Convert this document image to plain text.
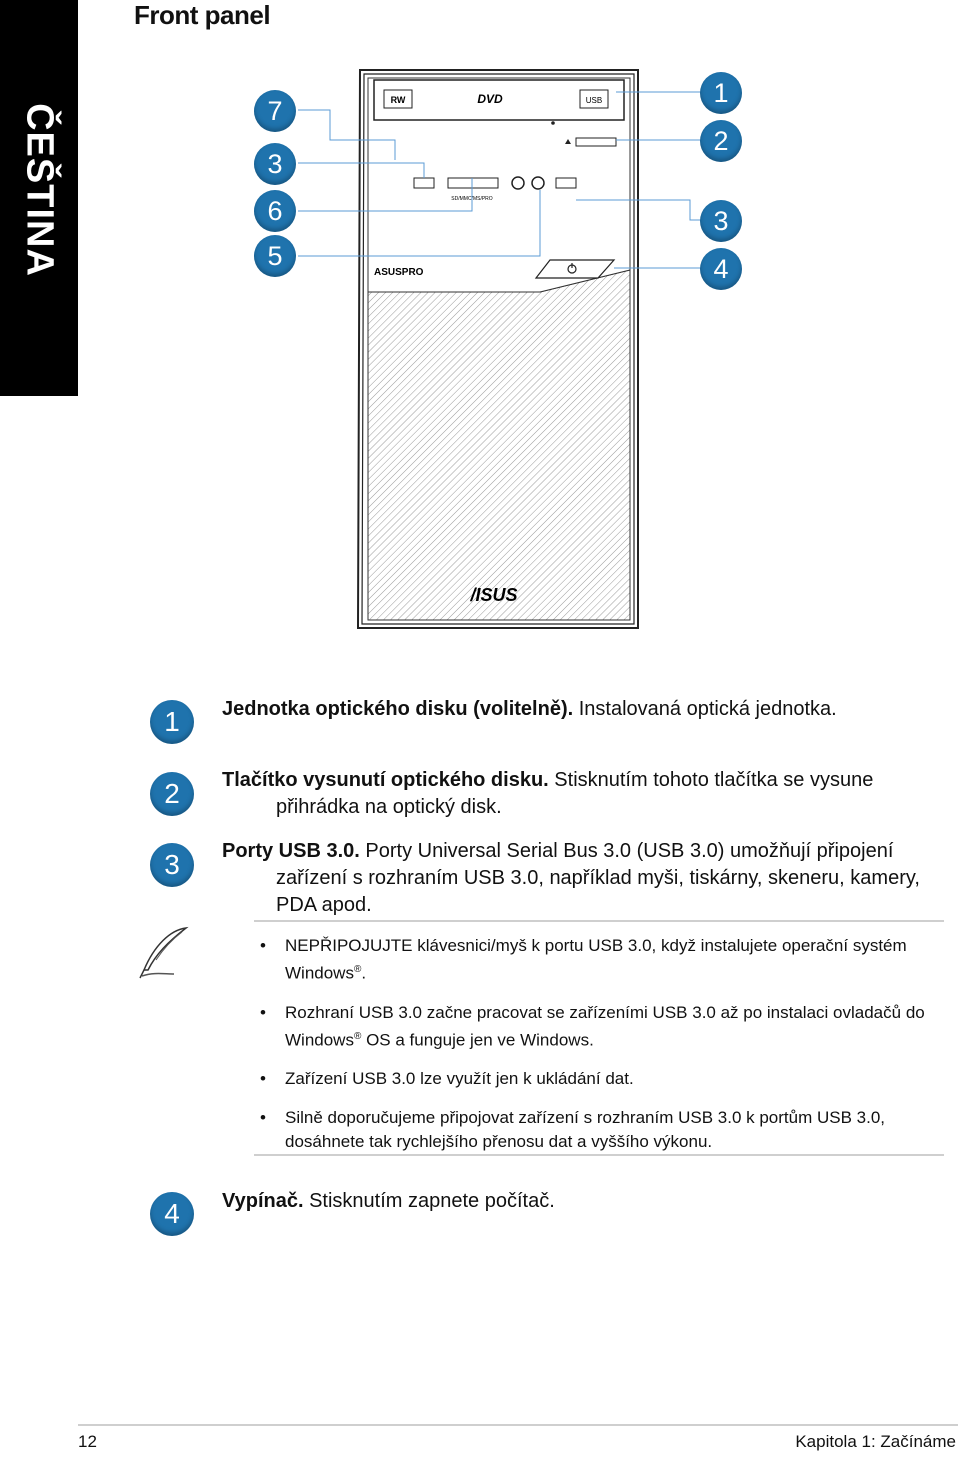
ČEŠTINA
Front panel
RW	DVD	USB
SD/MMC/MS/PRO
ASUSPRO
/ISUS
7
3
6
5
1
2
3
4
1
2
3
4
Jednotka optického disku (volitelně). Instalovaná optická jednotka.
Tlačítko vysunutí optického disku. Stisknutím tohoto tlačítka se vysune
přihrádka na optický disk.
Porty USB 3.0. Porty Universal Serial Bus 3.0 (USB 3.0) umožňují připojení
zařízení s rozhraním USB 3.0, například myši, tiskárny, skeneru, kamery, PDA apod.
• NEPŘIPOJUJTE klávesnici/myš k portu USB 3.0, když instalujete operační systém Windows®.
• Rozhraní USB 3.0 začne pracovat se zařízeními USB 3.0 až po instalaci ovladačů do Windows® OS a funguje jen ve Windows.
• Zařízení USB 3.0 lze využít jen k ukládání dat.
• Silně doporučujeme připojovat zařízení s rozhraním USB 3.0 k portům USB 3.0, dosáhnete tak rychlejšího přenosu dat a vyššího výkonu.
Vypínač. Stisknutím zapnete počítač.
12	Kapitola 1: Začínáme
